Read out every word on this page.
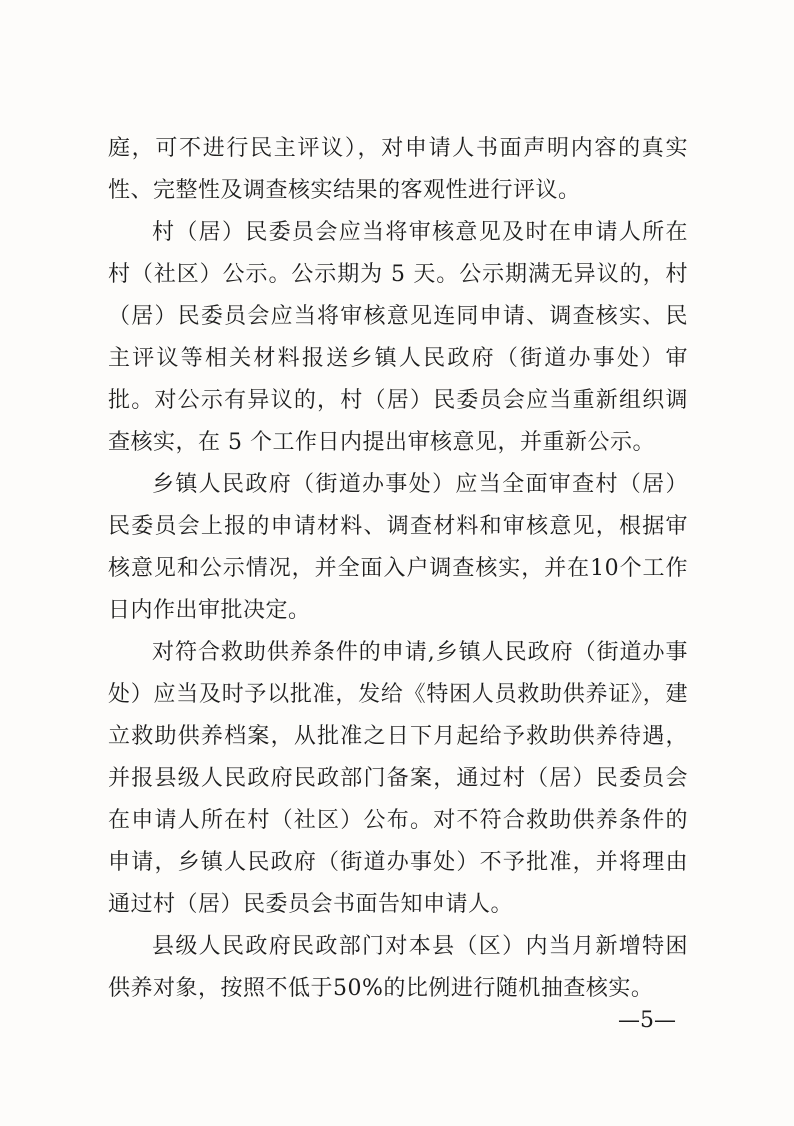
庭，可不进行民主评议），对申请人书面声明内容的真实性、完整性及调查核实结果的客观性进行评议。

村（居）民委员会应当将审核意见及时在申请人所在村（社区）公示。公示期为 5 天。公示期满无异议的，村（居）民委员会应当将审核意见连同申请、调查核实、民主评议等相关材料报送乡镇人民政府（街道办事处）审批。对公示有异议的，村（居）民委员会应当重新组织调查核实，在 5 个工作日内提出审核意见，并重新公示。

乡镇人民政府（街道办事处）应当全面审查村（居）民委员会上报的申请材料、调查材料和审核意见，根据审核意见和公示情况，并全面入户调查核实，并在10个工作日内作出审批决定。

对符合救助供养条件的申请,乡镇人民政府（街道办事处）应当及时予以批准，发给《特困人员救助供养证》，建立救助供养档案，从批准之日下月起给予救助供养待遇，并报县级人民政府民政部门备案，通过村（居）民委员会在申请人所在村（社区）公布。对不符合救助供养条件的申请，乡镇人民政府（街道办事处）不予批准，并将理由通过村（居）民委员会书面告知申请人。

县级人民政府民政部门对本县（区）内当月新增特困供养对象，按照不低于50%的比例进行随机抽查核实。

—5—
